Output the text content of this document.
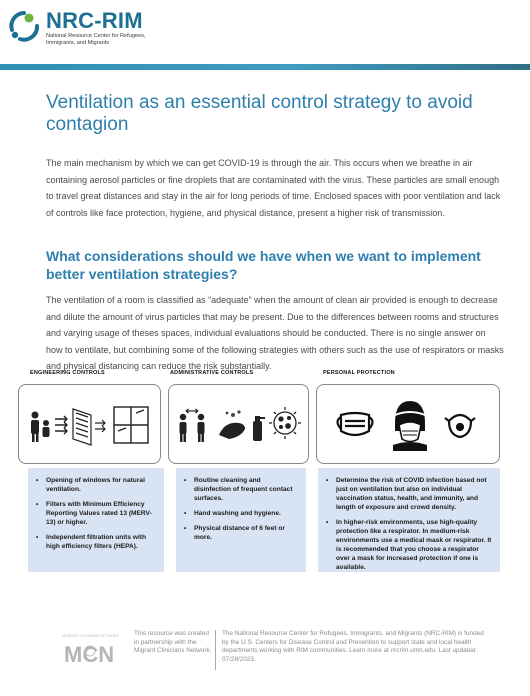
NRC-RIM
National Resource Center for Refugees, Immigrants, and Migrants
Ventilation as an essential control strategy to avoid contagion

The main mechanism by which we can get COVID-19 is through the air. This occurs when we breathe in air containing aerosol particles or fine droplets that are contaminated with the virus. These particles are small enough to travel great distances and stay in the air for long periods of time. Enclosed spaces with poor ventilation and lack of controls like face protection, hygiene, and physical distance, present a higher risk of transmission.

What considerations should we have when we want to implement better ventilation strategies?

The ventilation of a room is classified as “adequate” when the amount of clean air provided is enough to decrease and dilute the amount of virus particles that may be present. Due to the differences between rooms and structures and varying usage of theses spaces, individual evaluations should be conducted. There is no single answer on how to ventilate, but combining some of the following strategies with others such as the use of respirators or masks and physical distancing can reduce the risk substantially.

ENGINEERING CONTROLS
• Opening of windows for natural ventilation.
• Filters with Minimum Efficiency Reporting Values rated 13 (MERV-13) or higher.
• Independent filtration units with high efficiency filters (HEPA).
ADMINISTRATIVE CONTROLS
• Routine cleaning and disinfection of frequent contact surfaces.
• Hand washing and hygiene.
• Physical distance of 6 feet or more.
PERSONAL PROTECTION
• Determine the risk of COVID infection based not just on ventilation but also on individual vaccination status, health, and immunity, and length of exposure and crowd density.
• In higher-risk environments, use high-quality protection like a respirator. In medium-risk environments use a medical mask or respirator. It is recommended that you choose a respirator over a mask for increased protection if one is available.
MIGRANT CLINICIANS NETWORK
MCN
This resource was created in partnership with the Migrant Clinicians Network.
The National Resource Center for Refugees, Immigrants, and Migrants (NRC-RIM) is funded by the U.S. Centers for Disease Control and Prevention to support state and local health departments working with RIM communities. Learn more at nrcrim.umn.edu. Last updated 07/28/2023.
